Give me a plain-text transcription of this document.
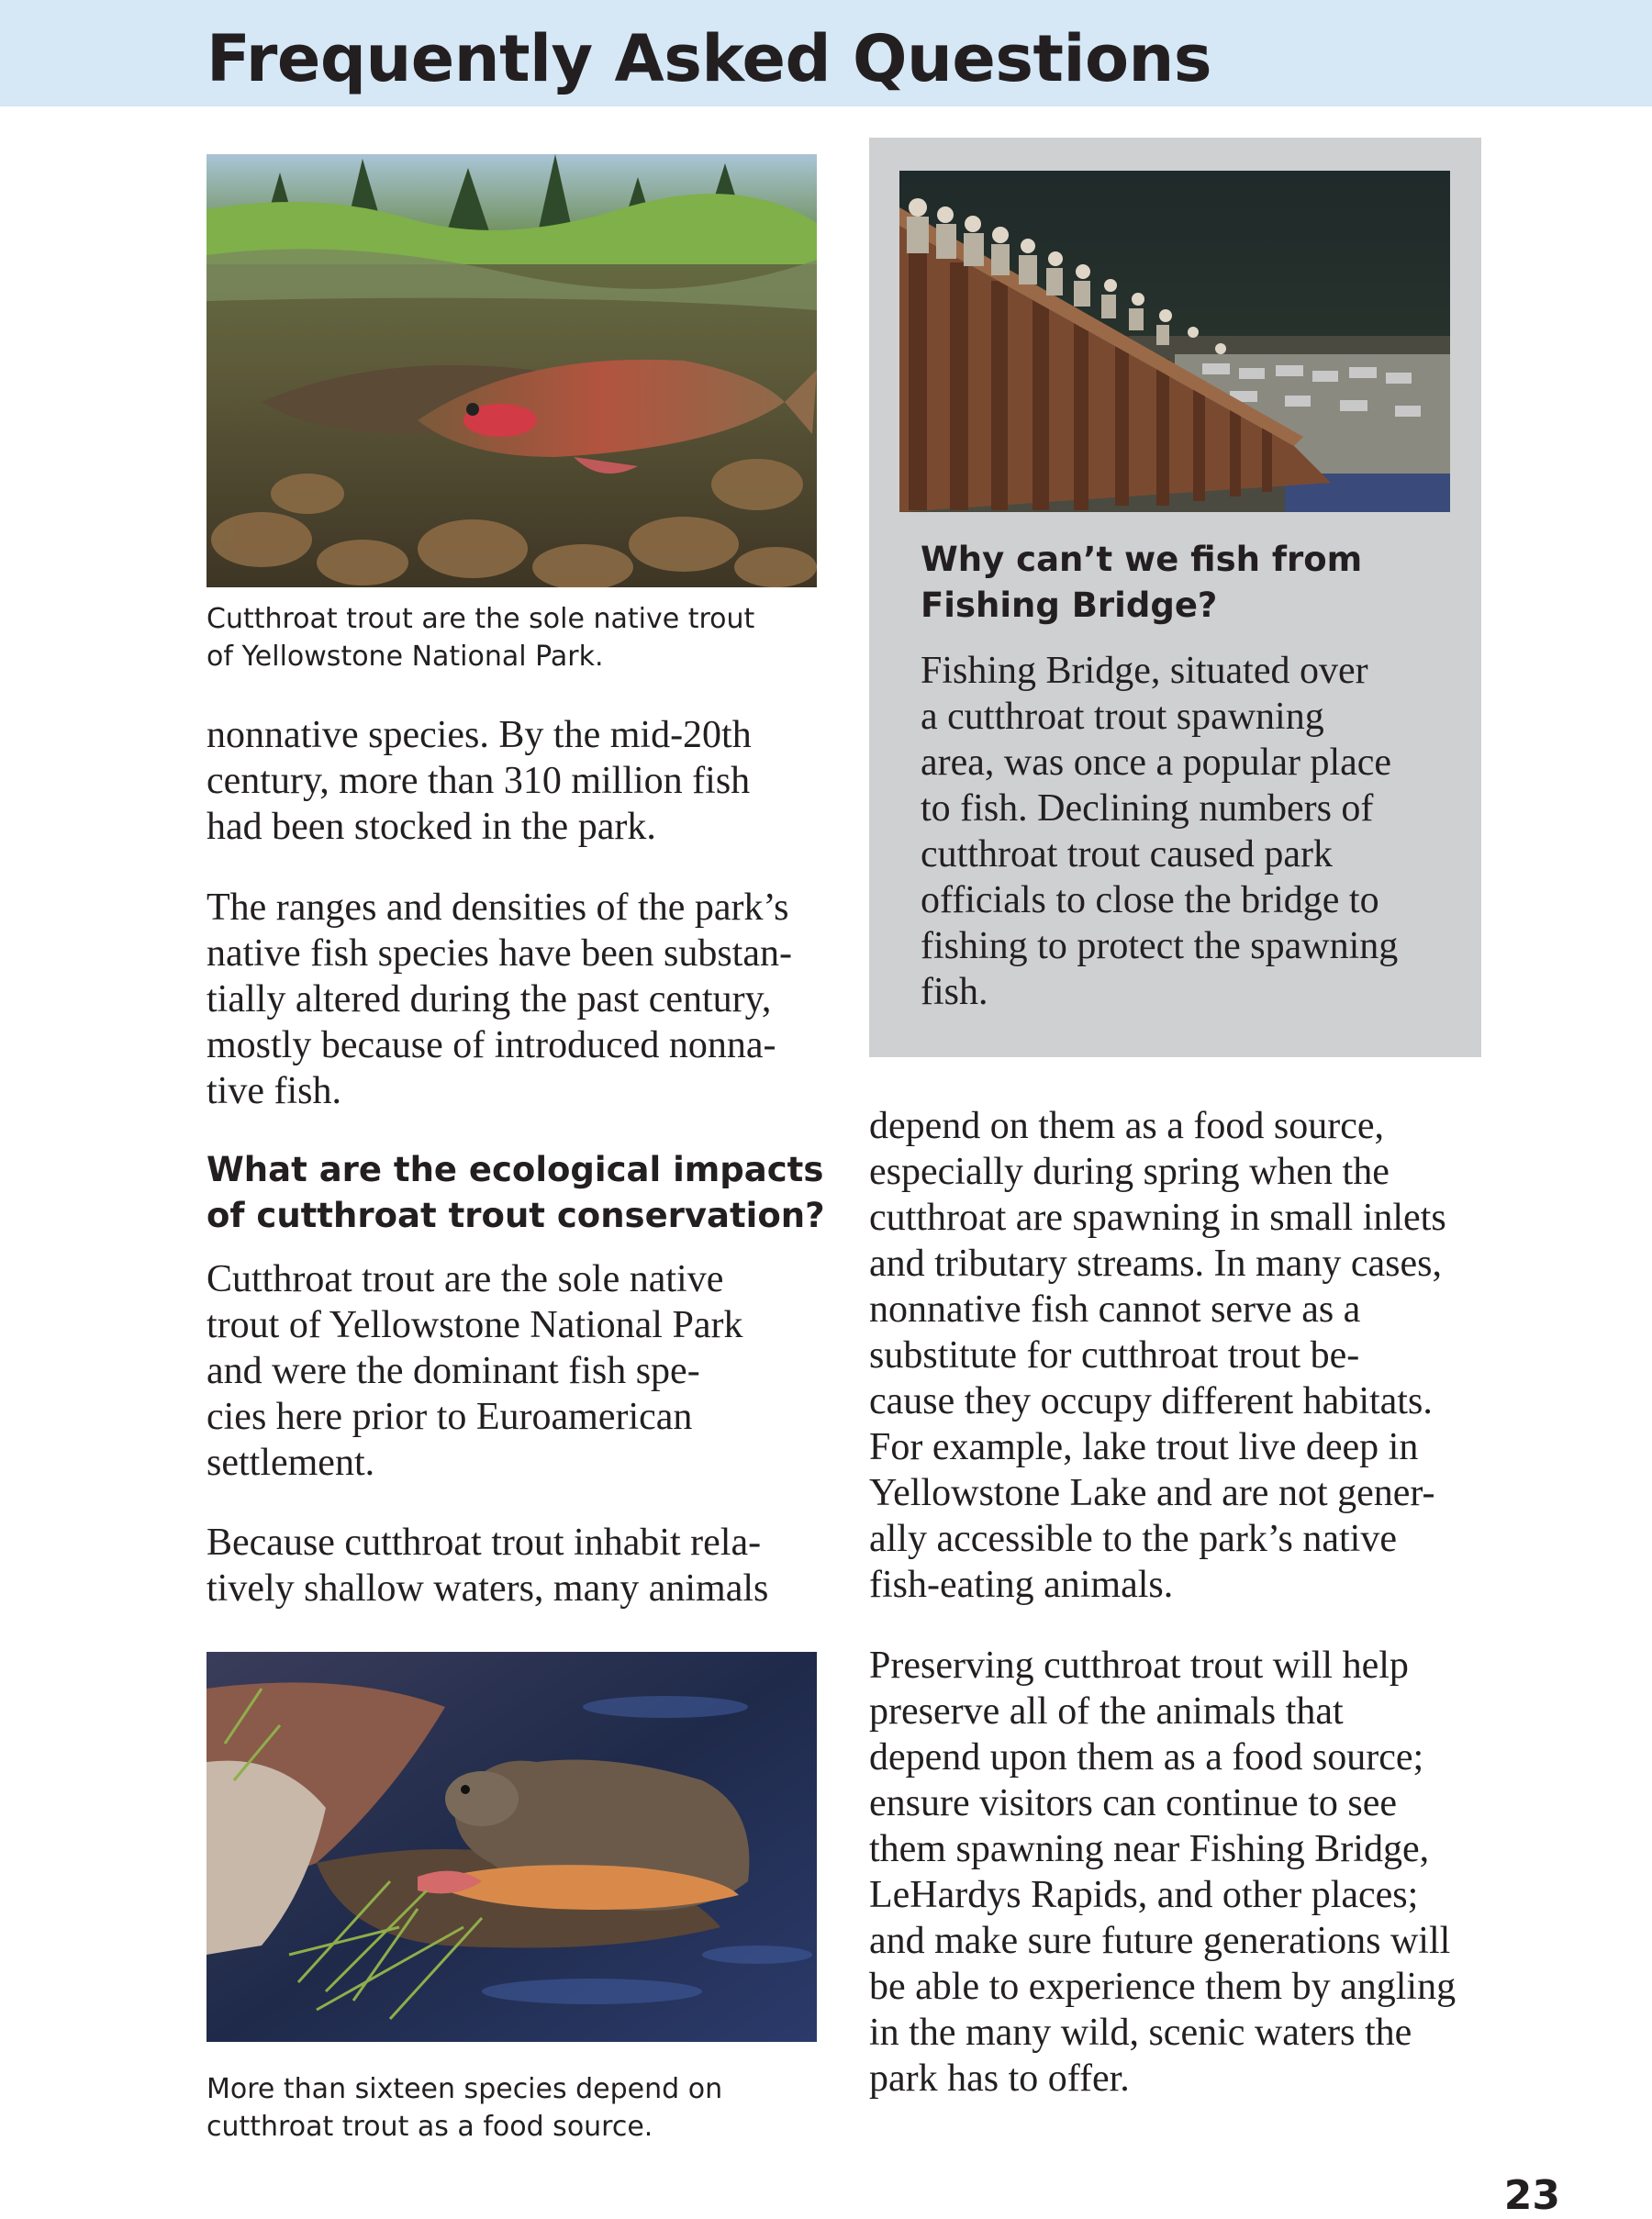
Frequently Asked Questions

Cutthroat trout are the sole native trout
of Yellowstone National Park.

nonnative species. By the mid-20th
century, more than 310 million fish
had been stocked in the park.

The ranges and densities of the park’s
native fish species have been substan-
tially altered during the past century,
mostly because of introduced nonna-
tive fish.

What are the ecological impacts
of cutthroat trout conservation?

Cutthroat trout are the sole native
trout of Yellowstone National Park
and were the dominant fish spe-
cies here prior to Euroamerican
settlement.

Because cutthroat trout inhabit rela-
tively shallow waters, many animals

More than sixteen species depend on
cutthroat trout as a food source.

Why can’t we fish from
Fishing Bridge?

Fishing Bridge, situated over
a cutthroat trout spawning
area, was once a popular place
to fish. Declining numbers of
cutthroat trout caused park
officials to close the bridge to
fishing to protect the spawning
fish.

depend on them as a food source,
especially during spring when the
cutthroat are spawning in small inlets
and tributary streams. In many cases,
nonnative fish cannot serve as a
substitute for cutthroat trout be-
cause they occupy different habitats.
For example, lake trout live deep in
Yellowstone Lake and are not gener-
ally accessible to the park’s native
fish-eating animals.

Preserving cutthroat trout will help
preserve all of the animals that
depend upon them as a food source;
ensure visitors can continue to see
them spawning near Fishing Bridge,
LeHardys Rapids, and other places;
and make sure future generations will
be able to experience them by angling
in the many wild, scenic waters the
park has to offer.

23
